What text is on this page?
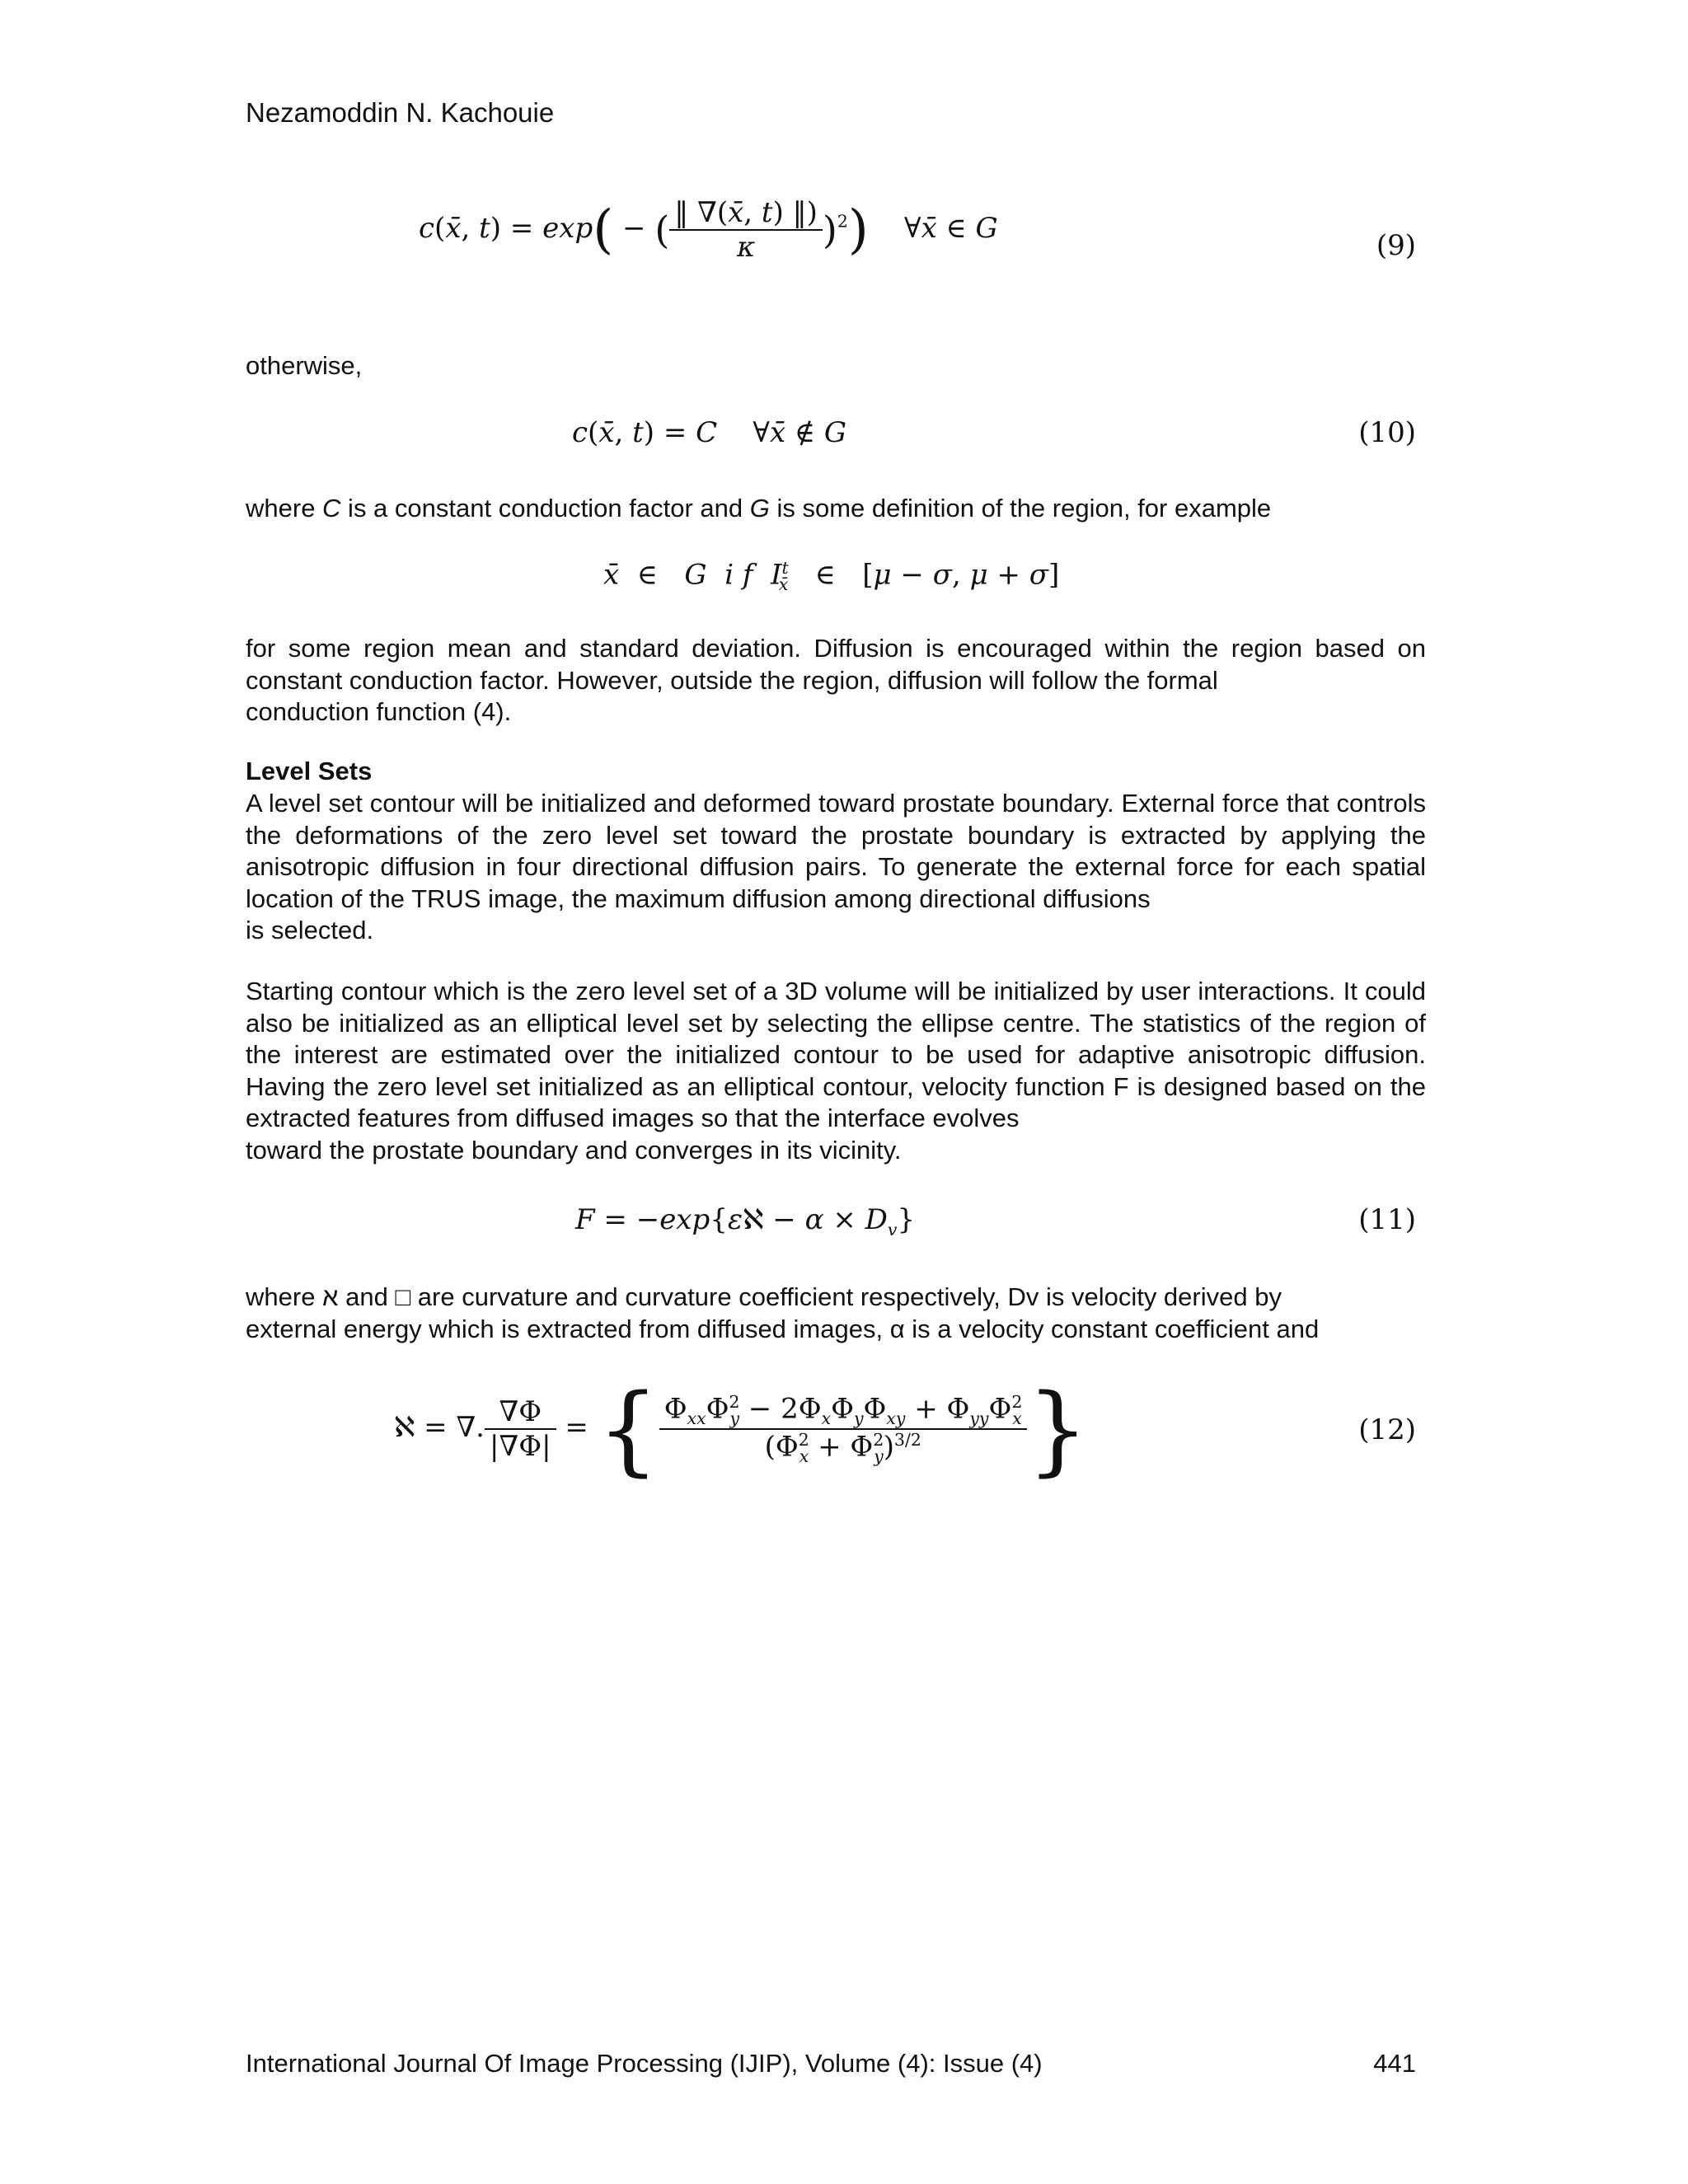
Nezamoddin N. Kachouie
c(x̄, t) = exp( − ( $\frac{‖ \nabla(x̄, t) ‖)}{\kappa} )^2$)    ∀x̄ ∈ G
(9)
otherwise,
c(x̄, t) = C    ∀x̄ ∉ G	(10)
where C is a constant conduction factor and G is some definition of the region, for example
x̄  ∈   G i f $I^t_{x̄}$   ∈   [μ − σ, μ + σ]
for some region mean and standard deviation. Diffusion is encouraged within the region based on constant conduction factor. However, outside the region, diffusion will follow the formal
conduction function (4).
Level Sets
A level set contour will be initialized and deformed toward prostate boundary. External force that controls the deformations of the zero level set toward the prostate boundary is extracted by applying the anisotropic diffusion in four directional diffusion pairs. To generate the external force for each spatial location of the TRUS image, the maximum diffusion among directional diffusions
is selected.
Starting contour which is the zero level set of a 3D volume will be initialized by user interactions. It could also be initialized as an elliptical level set by selecting the ellipse centre. The statistics of the region of the interest are estimated over the initialized contour to be used for adaptive anisotropic diffusion. Having the zero level set initialized as an elliptical contour, velocity function F is designed based on the extracted features from diffused images so that the interface evolves
toward the prostate boundary and converges in its vicinity.
F = −exp{εℵ − $\alpha \times D_v$}	(11)
where א and □ are curvature and curvature coefficient respectively, Dv is velocity derived by
external energy which is extracted from diffused images, α is a velocity constant coefficient and
ℵ = ∇. $\frac{\nabla\Phi}{|\nabla\Phi|}$ = { $\frac{\Phi_{xx}\Phi^2_y - 2\Phi_x\Phi_y\Phi_{xy} + \Phi_{yy}\Phi^2_x}{(\Phi^2_x + \Phi^2_y)^{3/2}}$ }	(12)
International Journal Of Image Processing (IJIP), Volume (4): Issue (4)	441
